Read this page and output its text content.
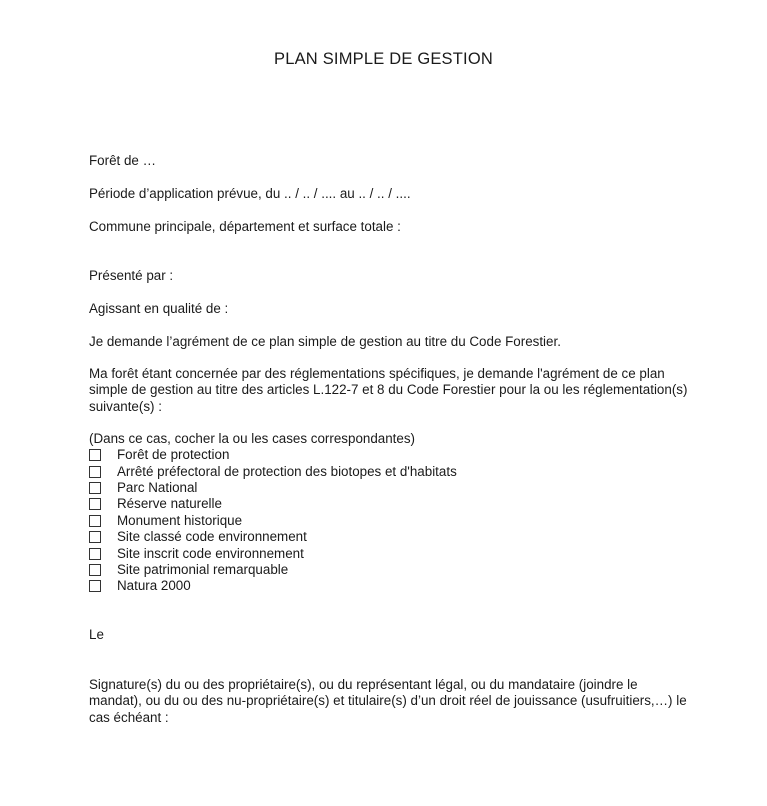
PLAN SIMPLE DE GESTION
Forêt de …
Période d’application prévue, du .. / .. / .... au .. / .. / ....
Commune principale, département et surface totale :
Présenté par :
Agissant en qualité de :
Je demande l’agrément de ce plan simple de gestion au titre du Code Forestier.
Ma forêt étant concernée par des réglementations spécifiques, je demande l'agrément de ce plan simple de gestion au titre des articles L.122-7 et 8 du Code Forestier pour la ou les réglementation(s) suivante(s) :
(Dans ce cas, cocher la ou les cases correspondantes)
Forêt de protection
Arrêté préfectoral de protection des biotopes et d'habitats
Parc National
Réserve naturelle
Monument historique
Site classé code environnement
Site inscrit code environnement
Site patrimonial remarquable
Natura 2000
Le
Signature(s) du ou des propriétaire(s), ou du représentant légal, ou du mandataire (joindre le mandat), ou du ou des nu-propriétaire(s) et titulaire(s) d’un droit réel de jouissance (usufruitiers,…) le cas échéant :
